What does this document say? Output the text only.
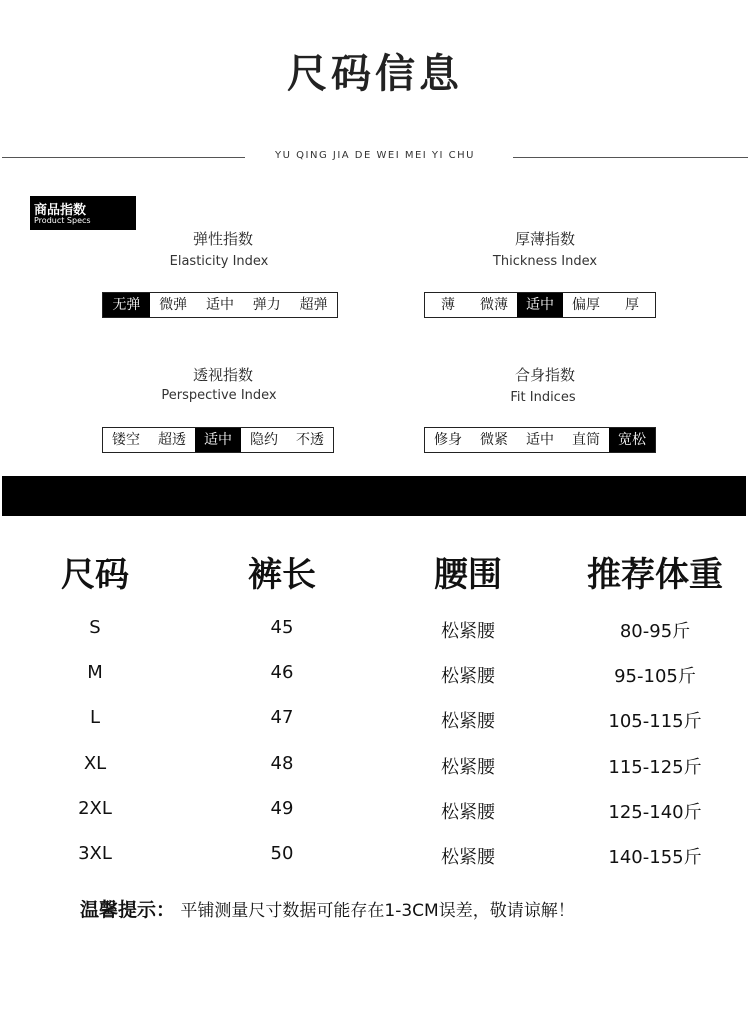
尺码信息
YU QING JIA DE WEI MEI YI CHU
商品指数
Product Specs
弹性指数
Elasticity Index
无弹	微弹	适中	弹力	超弹
厚薄指数
Thickness Index
薄	微薄	适中	偏厚	厚
透视指数
Perspective Index
镂空	超透	适中	隐约	不透
合身指数
Fit Indices
修身	微紧	适中	直筒	宽松
尺码	裤长	腰围	推荐体重
S	45	松紧腰	80-95斤
M	46	松紧腰	95-105斤
L	47	松紧腰	105-115斤
XL	48	松紧腰	115-125斤
2XL	49	松紧腰	125-140斤
3XL	50	松紧腰	140-155斤
温馨提示： 平铺测量尺寸数据可能存在1-3CM误差，敬请谅解！
